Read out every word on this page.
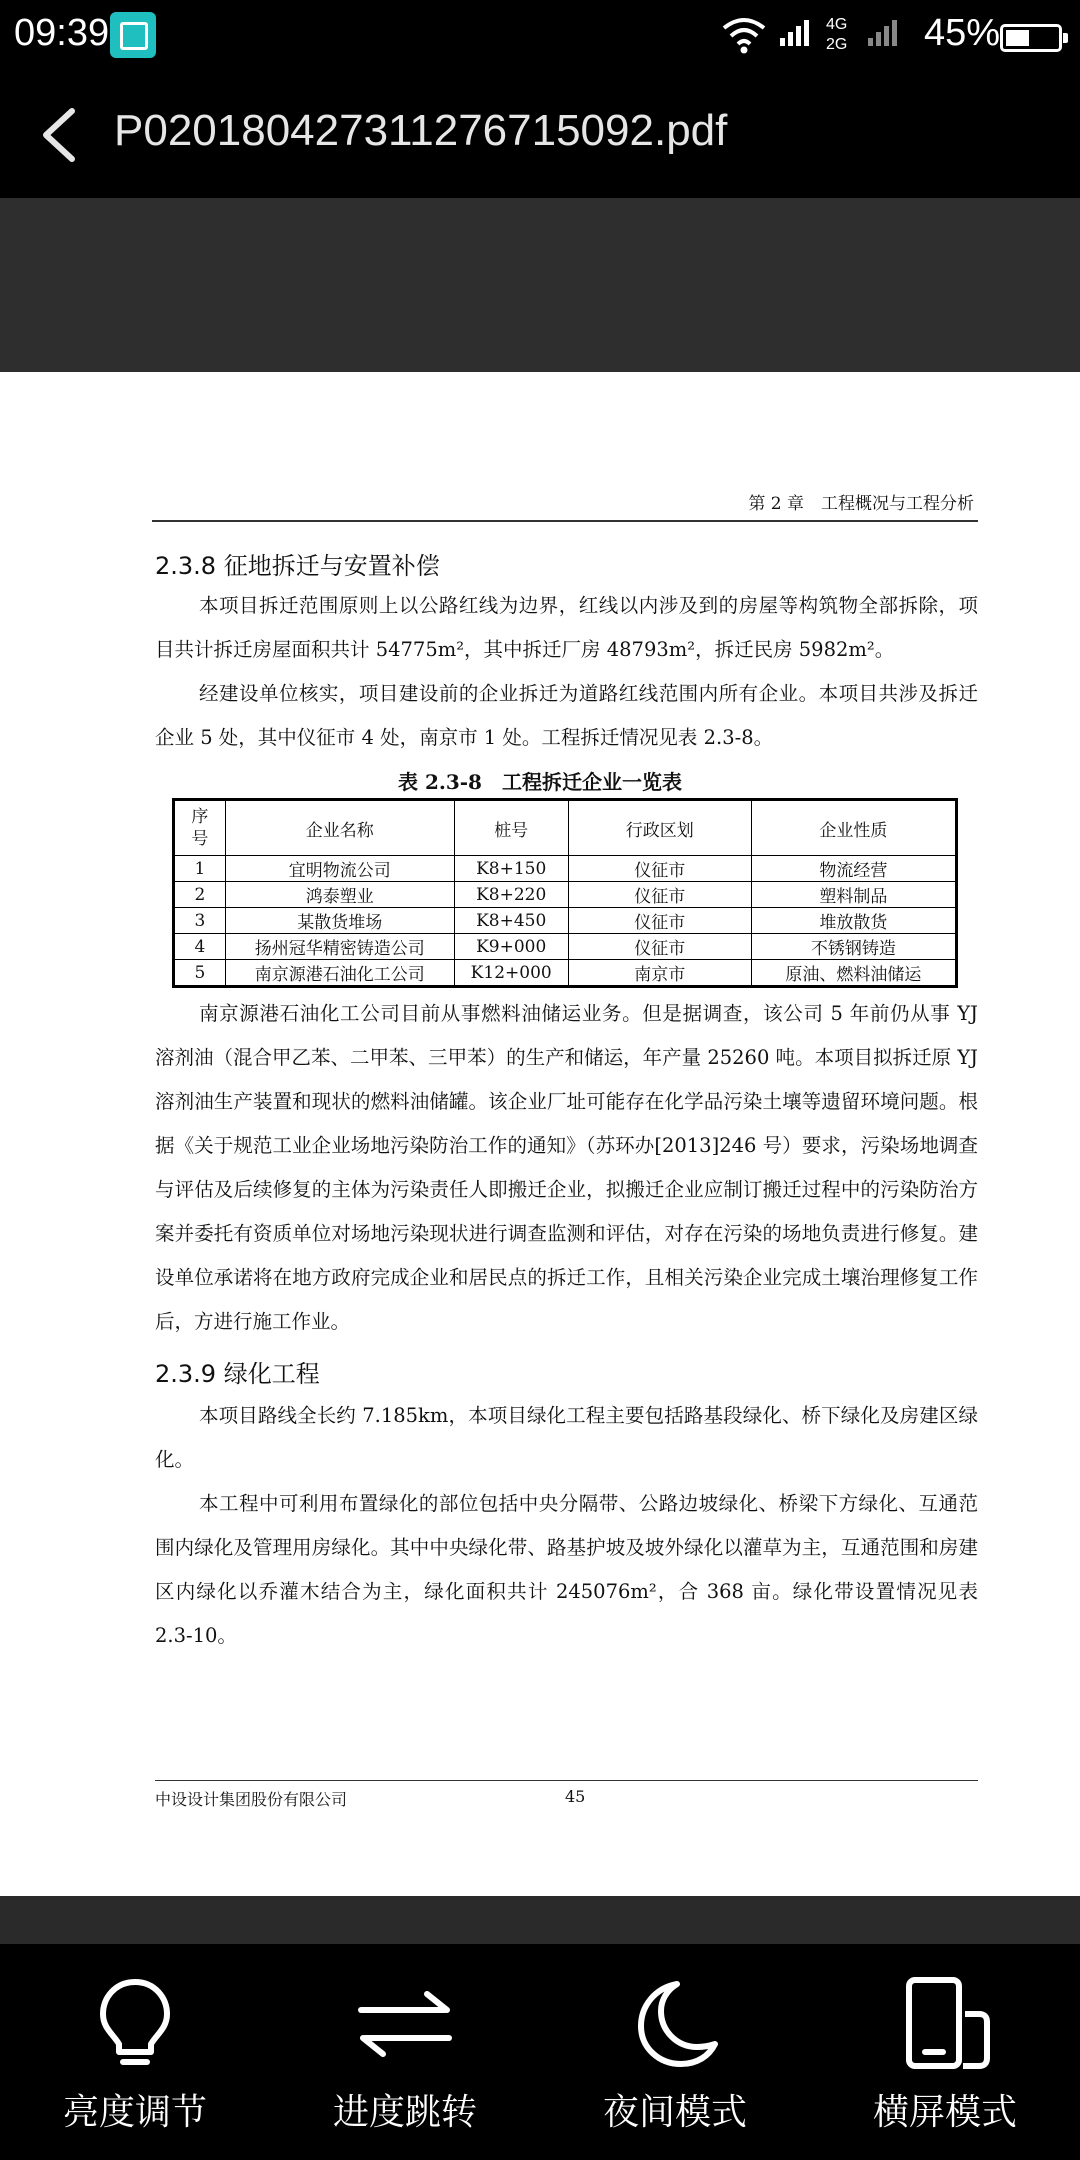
09:39	4G
2G 45%
P020180427311276715092.pdf
第 2 章　工程概况与工程分析
2.3.8 征地拆迁与安置补偿

本项目拆迁范围原则上以公路红线为边界，红线以内涉及到的房屋等构筑物全部拆除，项目共计拆迁房屋面积共计 54775m²，其中拆迁厂房 48793m²，拆迁民房 5982m²。

经建设单位核实，项目建设前的企业拆迁为道路红线范围内所有企业。本项目共涉及拆迁企业 5 处，其中仪征市 4 处，南京市 1 处。工程拆迁情况见表 2.3-8。

表 2.3-8　工程拆迁企业一览表
序
号	企业名称	桩号	行政区划	企业性质
1	宜明物流公司	K8+150	仪征市	物流经营
2	鸿泰塑业	K8+220	仪征市	塑料制品
3	某散货堆场	K8+450	仪征市	堆放散货
4	扬州冠华精密铸造公司	K9+000	仪征市	不锈钢铸造
5	南京源港石油化工公司	K12+000	南京市	原油、燃料油储运

南京源港石油化工公司目前从事燃料油储运业务。但是据调查，该公司 5 年前仍从事 YJ 溶剂油（混合甲乙苯、二甲苯、三甲苯）的生产和储运，年产量 25260 吨。本项目拟拆迁原 YJ 溶剂油生产装置和现状的燃料油储罐。该企业厂址可能存在化学品污染土壤等遗留环境问题。根据《关于规范工业企业场地污染防治工作的通知》（苏环办[2013]246 号）要求，污染场地调查与评估及后续修复的主体为污染责任人即搬迁企业，拟搬迁企业应制订搬迁过程中的污染防治方案并委托有资质单位对场地污染现状进行调查监测和评估，对存在污染的场地负责进行修复。建设单位承诺将在地方政府完成企业和居民点的拆迁工作，且相关污染企业完成土壤治理修复工作后，方进行施工作业。

2.3.9 绿化工程

本项目路线全长约 7.185km，本项目绿化工程主要包括路基段绿化、桥下绿化及房建区绿化。

本工程中可利用布置绿化的部位包括中央分隔带、公路边坡绿化、桥梁下方绿化、互通范围内绿化及管理用房绿化。其中中央绿化带、路基护坡及坡外绿化以灌草为主，互通范围和房建区内绿化以乔灌木结合为主，绿化面积共计 245076m²，合 368 亩。绿化带设置情况见表 2.3-10。

中设设计集团股份有限公司	45
亮度调节	进度跳转	夜间模式	横屏模式
